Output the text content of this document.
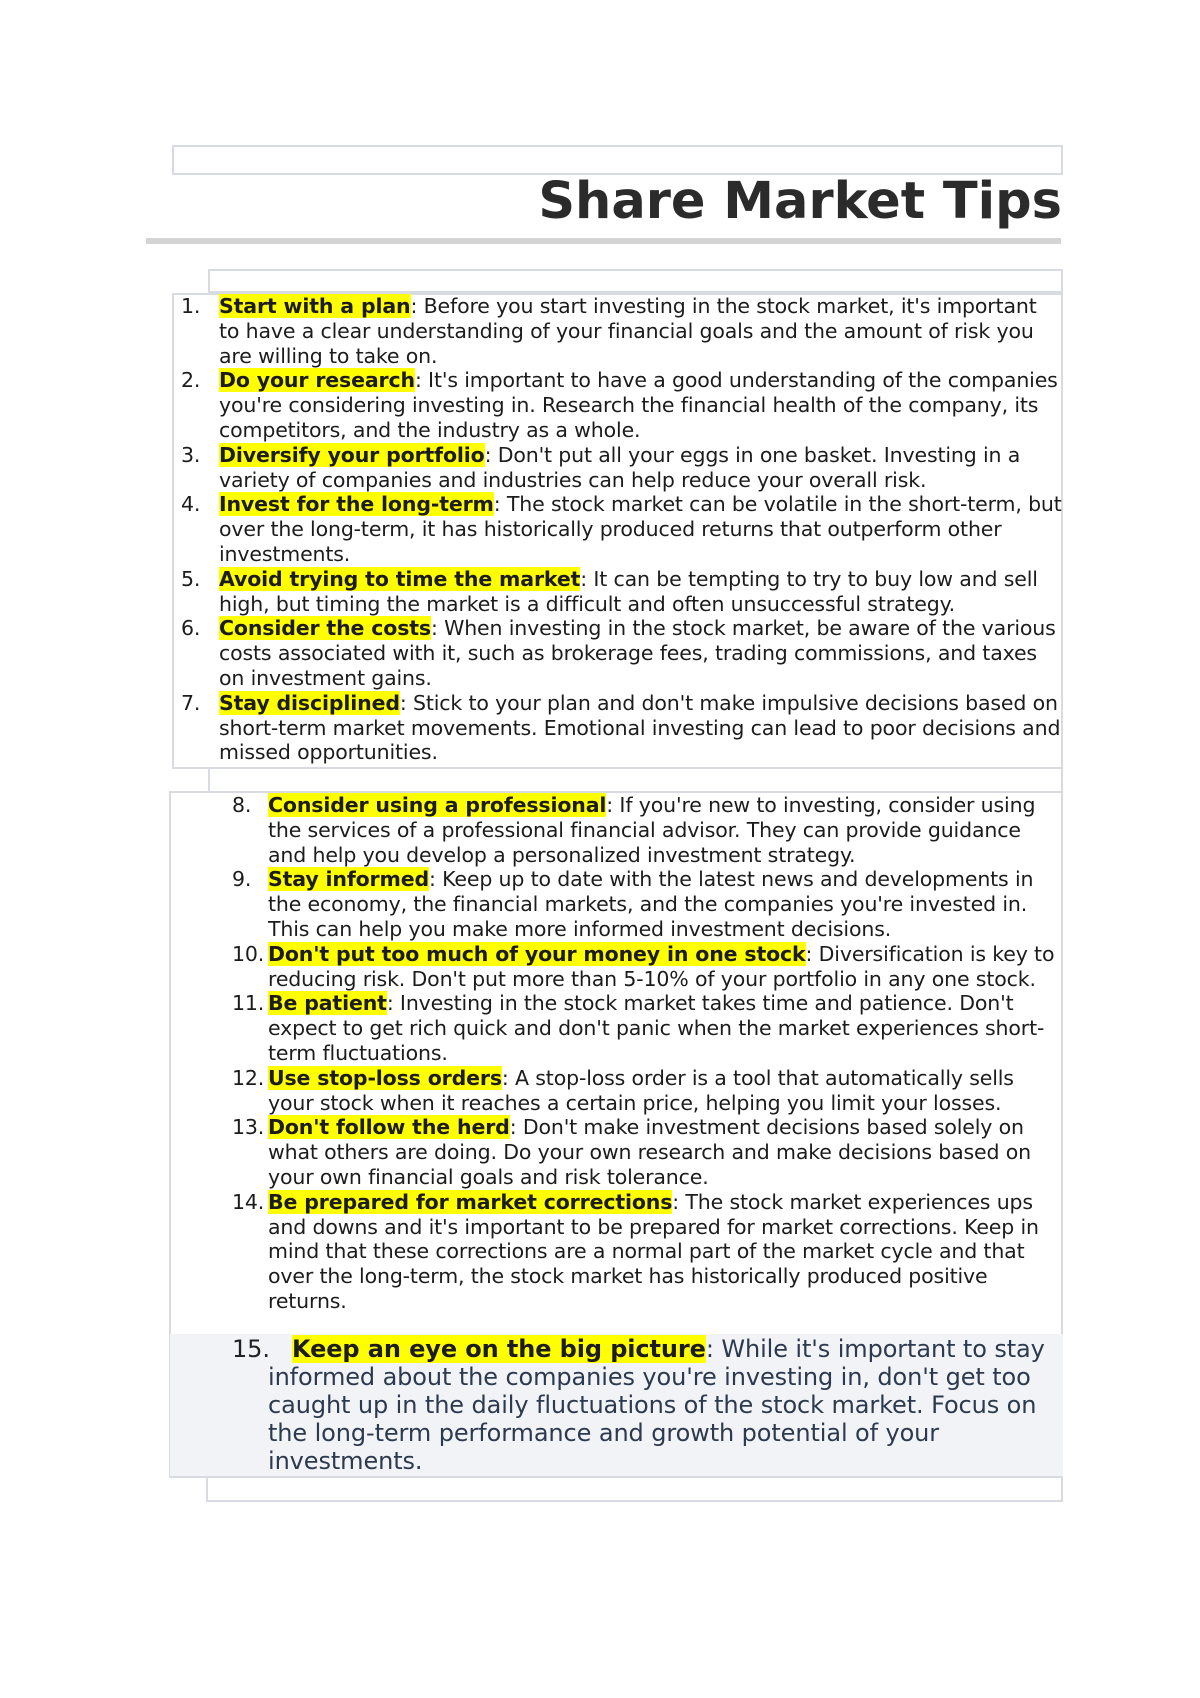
Share Market Tips
1. Start with a plan: Before you start investing in the stock market, it's important to have a clear understanding of your financial goals and the amount of risk you are willing to take on.
2. Do your research: It's important to have a good understanding of the companies you're considering investing in. Research the financial health of the company, its competitors, and the industry as a whole.
3. Diversify your portfolio: Don't put all your eggs in one basket. Investing in a variety of companies and industries can help reduce your overall risk.
4. Invest for the long-term: The stock market can be volatile in the short-term, but over the long-term, it has historically produced returns that outperform other investments.
5. Avoid trying to time the market: It can be tempting to try to buy low and sell high, but timing the market is a difficult and often unsuccessful strategy.
6. Consider the costs: When investing in the stock market, be aware of the various costs associated with it, such as brokerage fees, trading commissions, and taxes on investment gains.
7. Stay disciplined: Stick to your plan and don't make impulsive decisions based on short-term market movements. Emotional investing can lead to poor decisions and missed opportunities.
8. Consider using a professional: If you're new to investing, consider using the services of a professional financial advisor. They can provide guidance and help you develop a personalized investment strategy.
9. Stay informed: Keep up to date with the latest news and developments in the economy, the financial markets, and the companies you're invested in. This can help you make more informed investment decisions.
10. Don't put too much of your money in one stock: Diversification is key to reducing risk. Don't put more than 5-10% of your portfolio in any one stock.
11. Be patient: Investing in the stock market takes time and patience. Don't expect to get rich quick and don't panic when the market experiences short-term fluctuations.
12. Use stop-loss orders: A stop-loss order is a tool that automatically sells your stock when it reaches a certain price, helping you limit your losses.
13. Don't follow the herd: Don't make investment decisions based solely on what others are doing. Do your own research and make decisions based on your own financial goals and risk tolerance.
14. Be prepared for market corrections: The stock market experiences ups and downs and it's important to be prepared for market corrections. Keep in mind that these corrections are a normal part of the market cycle and that over the long-term, the stock market has historically produced positive returns.

15. Keep an eye on the big picture: While it's important to stay informed about the companies you're investing in, don't get too caught up in the daily fluctuations of the stock market. Focus on the long-term performance and growth potential of your investments.
